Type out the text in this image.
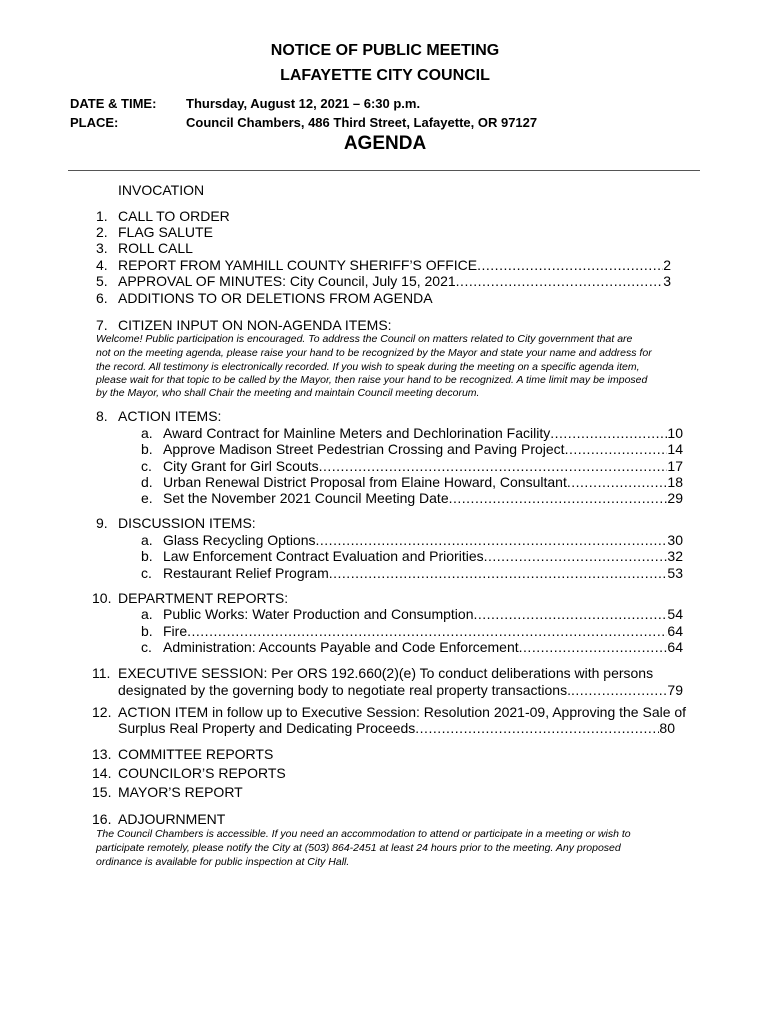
NOTICE OF PUBLIC MEETING
LAFAYETTE CITY COUNCIL
DATE & TIME: Thursday, August 12, 2021 – 6:30 p.m.
PLACE:	Council Chambers, 486 Third Street, Lafayette, OR 97127
AGENDA
INVOCATION
1. CALL TO ORDER
2. FLAG SALUTE
3. ROLL CALL
4. REPORT FROM YAMHILL COUNTY SHERIFF’S OFFICE .....	2
5. APPROVAL OF MINUTES: City Council, July 15, 2021 .....	3
6. ADDITIONS TO OR DELETIONS FROM AGENDA
7. CITIZEN INPUT ON NON-AGENDA ITEMS:
Welcome! Public participation is encouraged. To address the Council on matters related to City government that are
not on the meeting agenda, please raise your hand to be recognized by the Mayor and state your name and address for
the record. All testimony is electronically recorded. If you wish to speak during the meeting on a specific agenda item,
please wait for that topic to be called by the Mayor, then raise your hand to be recognized. A time limit may be imposed
by the Mayor, who shall Chair the meeting and maintain Council meeting decorum.
8. ACTION ITEMS:
a. Award Contract for Mainline Meters and Dechlorination Facility .....	10
b. Approve Madison Street Pedestrian Crossing and Paving Project .....	14
c. City Grant for Girl Scouts .....	17
d. Urban Renewal District Proposal from Elaine Howard, Consultant .....	18
e. Set the November 2021 Council Meeting Date .....	29
9. DISCUSSION ITEMS:
a. Glass Recycling Options .....	30
b. Law Enforcement Contract Evaluation and Priorities .....	32
c. Restaurant Relief Program .....	53
10. DEPARTMENT REPORTS:
a. Public Works: Water Production and Consumption .....	54
b. Fire .....	64
c. Administration: Accounts Payable and Code Enforcement .....	64
11. EXECUTIVE SESSION: Per ORS 192.660(2)(e) To conduct deliberations with persons
designated by the governing body to negotiate real property transactions. .....	79
12. ACTION ITEM in follow up to Executive Session: Resolution 2021-09, Approving the Sale of
Surplus Real Property and Dedicating Proceeds .....	80
13. COMMITTEE REPORTS
14. COUNCILOR’S REPORTS
15. MAYOR’S REPORT
16. ADJOURNMENT
The Council Chambers is accessible. If you need an accommodation to attend or participate in a meeting or wish to
participate remotely, please notify the City at (503) 864-2451 at least 24 hours prior to the meeting. Any proposed
ordinance is available for public inspection at City Hall.
